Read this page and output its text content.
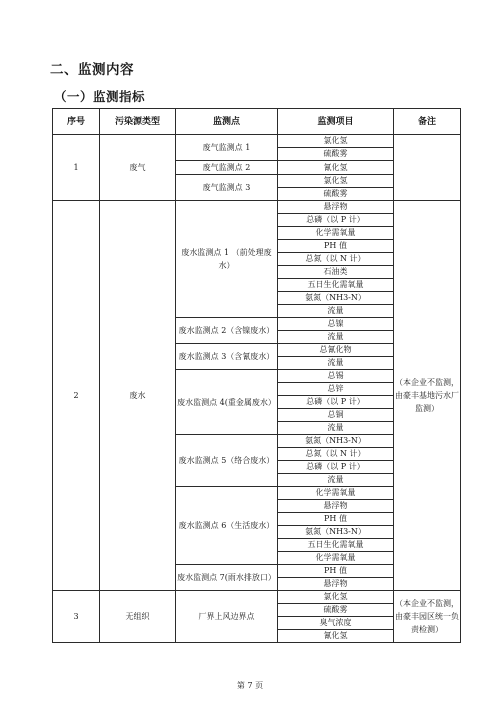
二、监测内容
（一）监测指标
序号	污染源类型	监测点	监测项目	备注
1	废气	废气监测点 1	氯化氢	
			硫酸雾	
		废气监测点 2	氰化氢	
		废气监测点 3	氯化氢	
			硫酸雾	
2	废水	废水监测点 1 （前处理废水）	悬浮物	（本企业不监测，由豪丰基地污水厂监测）
			总磷（以 P 计）	
			化学需氧量	
			PH 值	
			总氮（以 N 计）	
			石油类	
			五日生化需氧量	
			氨氮（NH3-N）	
			流量	
		废水监测点 2（含镍废水）	总镍	
			流量	
		废水监测点 3（含氰废水）	总氰化物	
			流量	
		废水监测点 4(重金属废水）	总锡	
			总锌	
			总磷（以 P 计）	
			总铜	
			流量	
		废水监测点 5（络合废水）	氨氮（NH3-N）	
			总氮（以 N 计）	
			总磷（以 P 计）	
			流量	
		废水监测点 6（生活废水）	化学需氧量	
			悬浮物	
			PH 值	
			氨氮（NH3-N）	
			五日生化需氧量	
			化学需氧量	
		废水监测点 7(雨水排放口）	PH 值	
			悬浮物	
3	无组织	厂界上风边界点	氯化氢	（本企业不监测，由豪丰园区统一负责检测）
			硫酸雾	
			臭气浓度	
			氰化氢	
第 7 页
